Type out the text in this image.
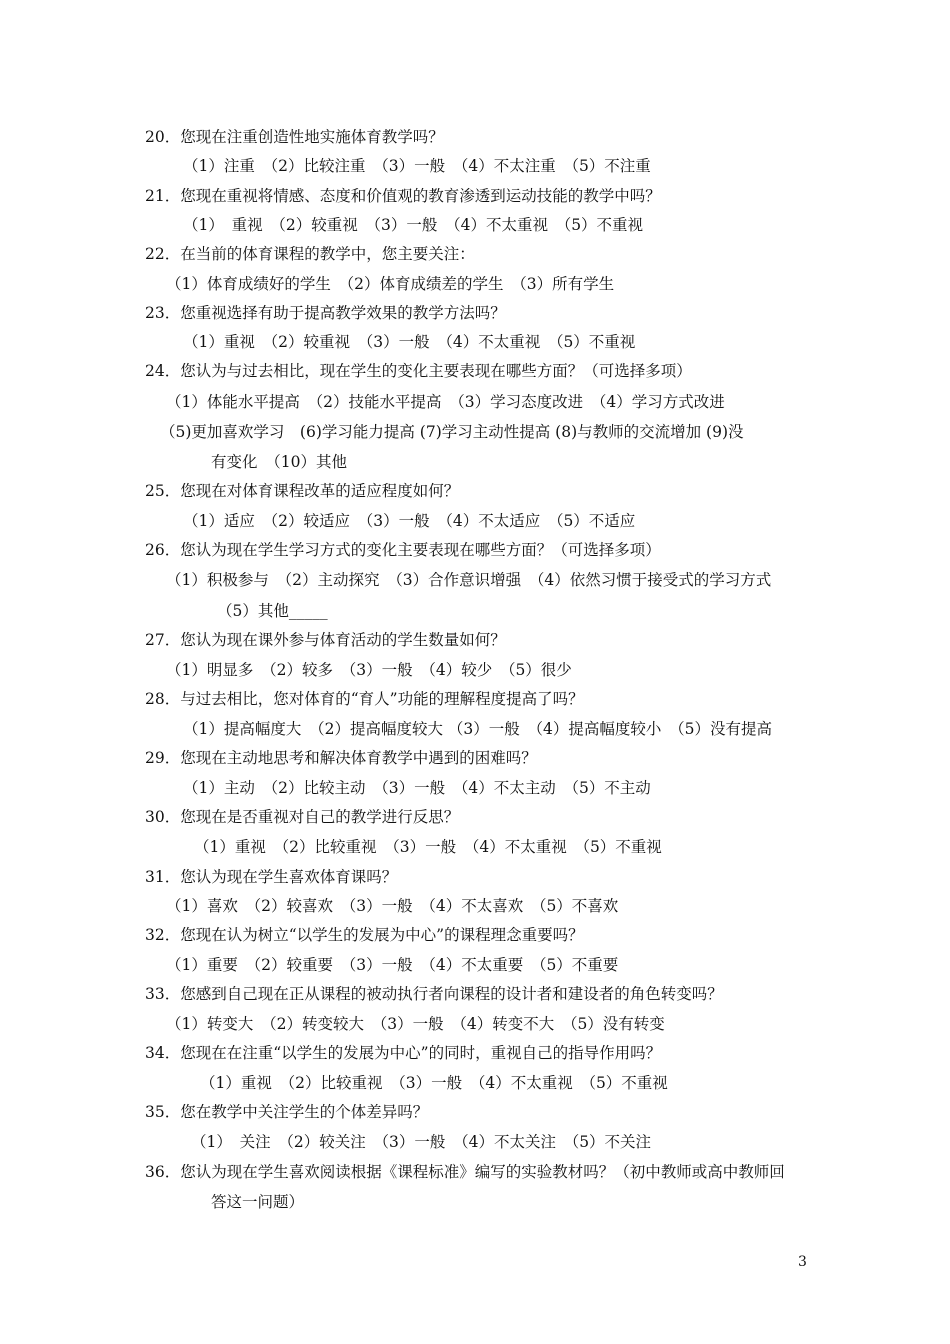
20．您现在注重创造性地实施体育教学吗？
（1）注重　（2）比较注重　（3）一般　（4）不太注重　（5）不注重
21．您现在重视将情感、态度和价值观的教育渗透到运动技能的教学中吗？
（1）　重视　（2）较重视　（3）一般　（4）不太重视　（5）不重视
22．在当前的体育课程的教学中，您主要关注：
（1）体育成绩好的学生　（2）体育成绩差的学生　（3）所有学生
23．您重视选择有助于提高教学效果的教学方法吗？
（1）重视　（2）较重视　（3）一般　（4）不太重视　（5）不重视
24．您认为与过去相比，现在学生的变化主要表现在哪些方面？（可选择多项）
（1）体能水平提高　（2）技能水平提高　（3）学习态度改进　（4）学习方式改进
（5)更加喜欢学习　(6)学习能力提高 (7)学习主动性提高 (8)与教师的交流增加 (9)没
有变化　（10）其他
25．您现在对体育课程改革的适应程度如何？
（1）适应　（2）较适应　（3）一般　（4）不太适应　（5）不适应
26．您认为现在学生学习方式的变化主要表现在哪些方面？（可选择多项）
（1）积极参与　（2）主动探究　（3）合作意识增强　（4）依然习惯于接受式的学习方式
（5）其他_____
27．您认为现在课外参与体育活动的学生数量如何？
（1）明显多　（2）较多　（3）一般　（4）较少　（5）很少
28．与过去相比，您对体育的“育人”功能的理解程度提高了吗？
（1）提高幅度大　（2）提高幅度较大 （3）一般　（4）提高幅度较小　（5）没有提高
29．您现在主动地思考和解决体育教学中遇到的困难吗？
（1）主动　（2）比较主动　（3）一般　（4）不太主动　（5）不主动
30．您现在是否重视对自己的教学进行反思？
（1）重视　（2）比较重视　（3）一般　（4）不太重视　（5）不重视
31．您认为现在学生喜欢体育课吗？
（1）喜欢　（2）较喜欢　（3）一般　（4）不太喜欢　（5）不喜欢
32．您现在认为树立“以学生的发展为中心”的课程理念重要吗？
（1）重要　（2）较重要　（3）一般　（4）不太重要　（5）不重要
33．您感到自己现在正从课程的被动执行者向课程的设计者和建设者的角色转变吗？
（1）转变大　（2）转变较大　（3）一般　（4）转变不大　（5）没有转变
34．您现在在注重“以学生的发展为中心”的同时，重视自己的指导作用吗？
（1）重视　（2）比较重视　（3）一般　（4）不太重视　（5）不重视
35．您在教学中关注学生的个体差异吗？
（1）　关注　（2）较关注　（3）一般　（4）不太关注　（5）不关注
36．您认为现在学生喜欢阅读根据《课程标准》编写的实验教材吗？（初中教师或高中教师回
答这一问题）
3
